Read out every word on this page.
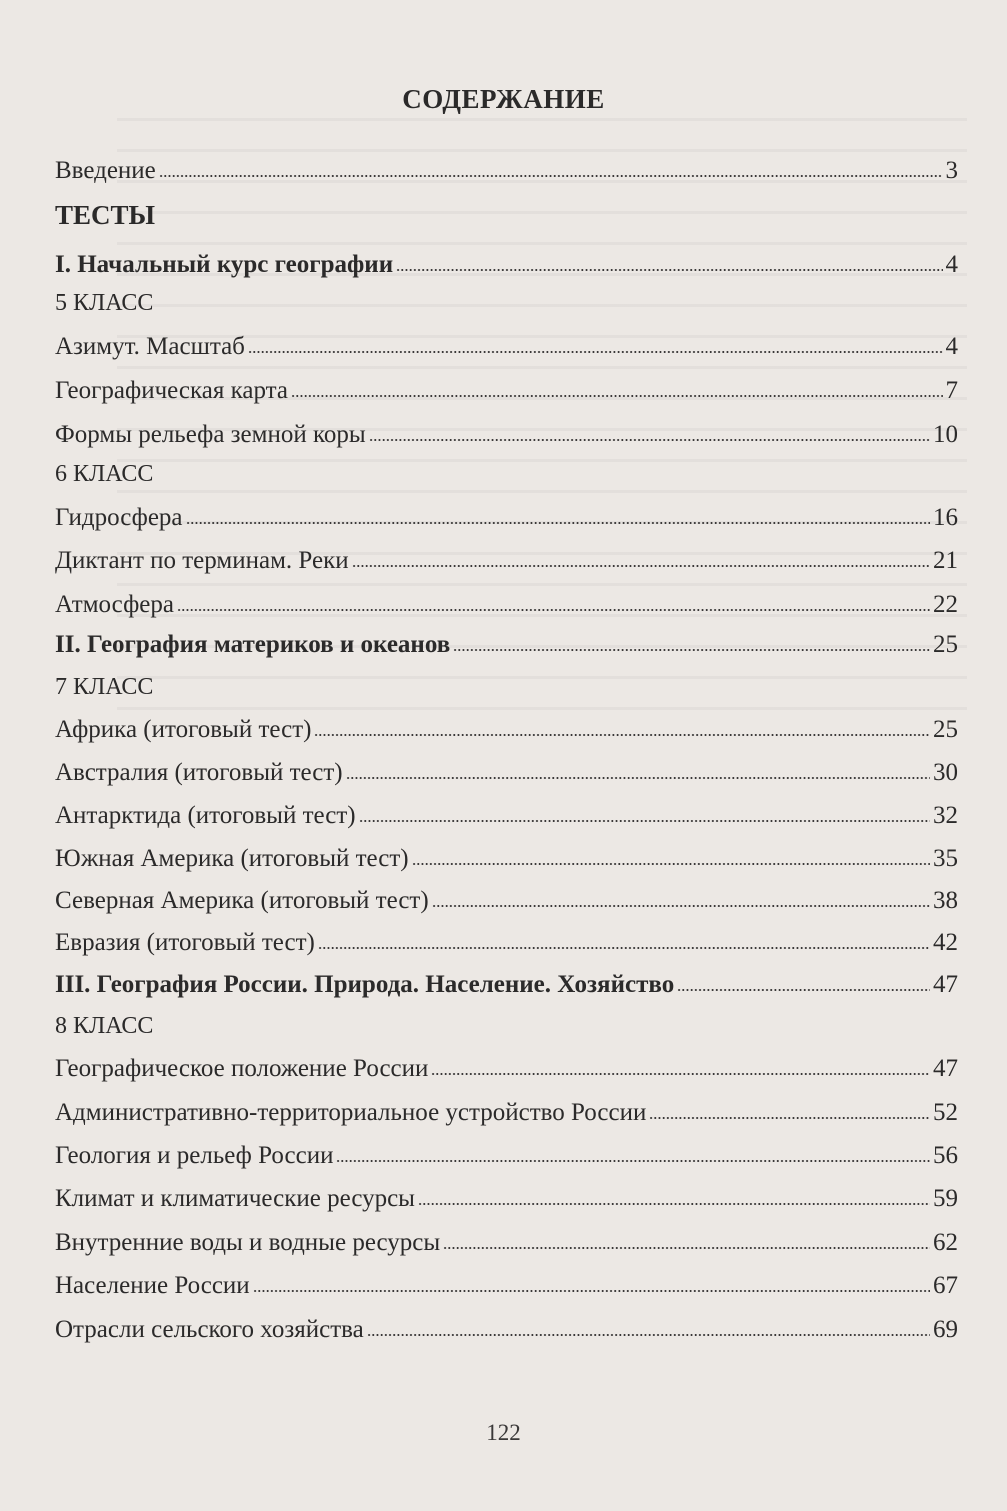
СОДЕРЖАНИЕ
Введение	3
ТЕСТЫ
I. Начальный курс географии	4
5 КЛАСС
Азимут. Масштаб	4
Географическая карта	7
Формы рельефа земной коры	10
6 КЛАСС
Гидросфера	16
Диктант по терминам. Реки	21
Атмосфера	22
II. География материков и океанов	25
7 КЛАСС
Африка (итоговый тест)	25
Австралия (итоговый тест)	30
Антарктида (итоговый тест)	32
Южная Америка (итоговый тест)	35
Северная Америка (итоговый тест)	38
Евразия (итоговый тест)	42
III. География России. Природа. Население. Хозяйство	47
8 КЛАСС
Географическое положение России	47
Административно-территориальное устройство России	52
Геология и рельеф России	56
Климат и климатические ресурсы	59
Внутренние воды и водные ресурсы	62
Население России	67
Отрасли сельского хозяйства	69
122
